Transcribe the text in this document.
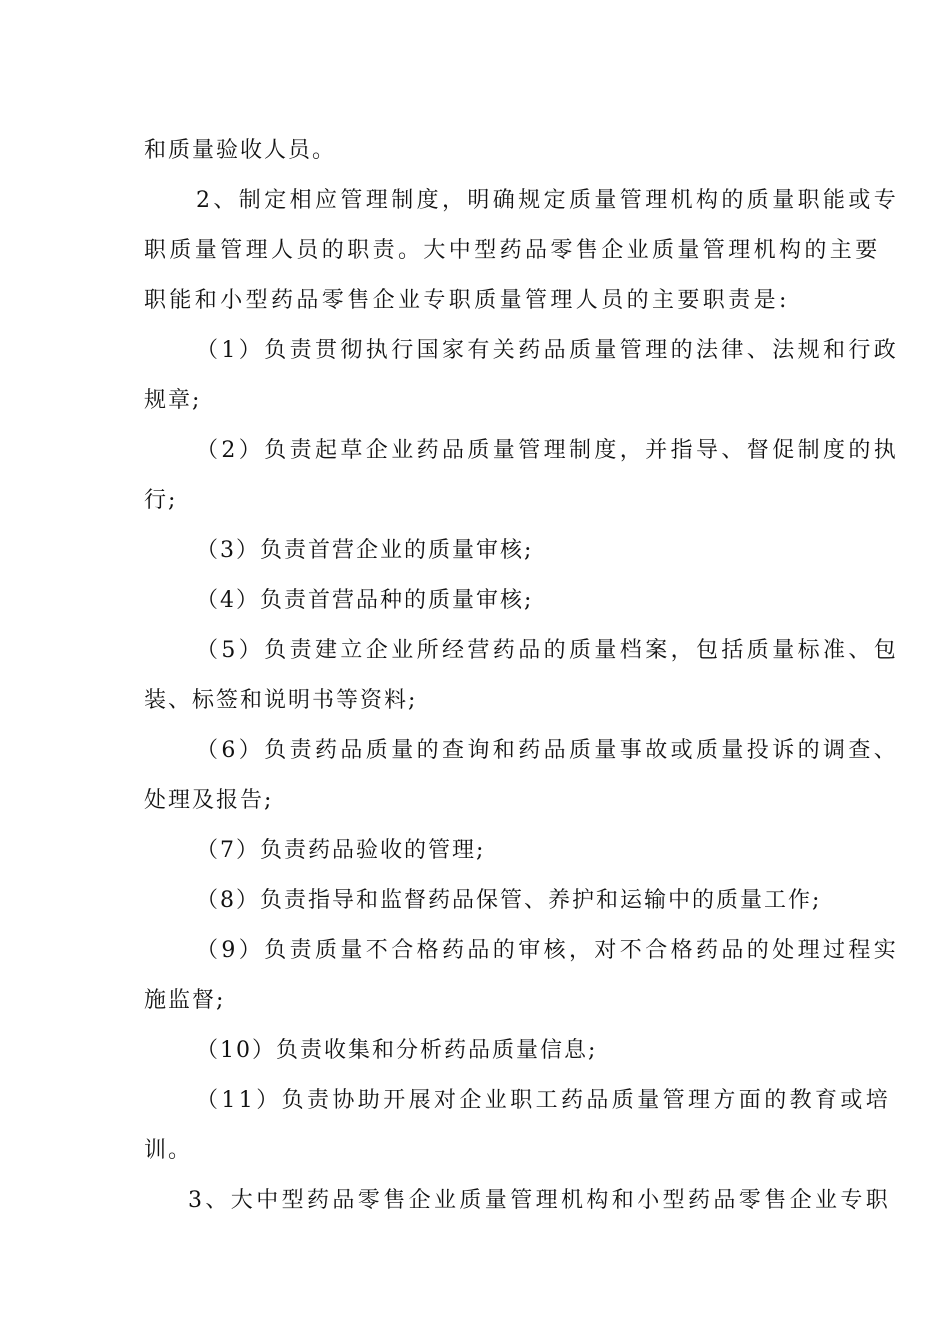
和质量验收人员。
2、制定相应管理制度，明确规定质量管理机构的质量职能或专
职质量管理人员的职责。大中型药品零售企业质量管理机构的主要
职能和小型药品零售企业专职质量管理人员的主要职责是:
（1）负责贯彻执行国家有关药品质量管理的法律、法规和行政
规章;
（2）负责起草企业药品质量管理制度，并指导、督促制度的执
行;
（3）负责首营企业的质量审核;
（4）负责首营品种的质量审核;
（5）负责建立企业所经营药品的质量档案，包括质量标准、包
装、标签和说明书等资料;
（6）负责药品质量的查询和药品质量事故或质量投诉的调查、
处理及报告;
（7）负责药品验收的管理;
（8）负责指导和监督药品保管、养护和运输中的质量工作;
（9）负责质量不合格药品的审核，对不合格药品的处理过程实
施监督;
（10）负责收集和分析药品质量信息;
（11）负责协助开展对企业职工药品质量管理方面的教育或培
训。
3、大中型药品零售企业质量管理机构和小型药品零售企业专职
